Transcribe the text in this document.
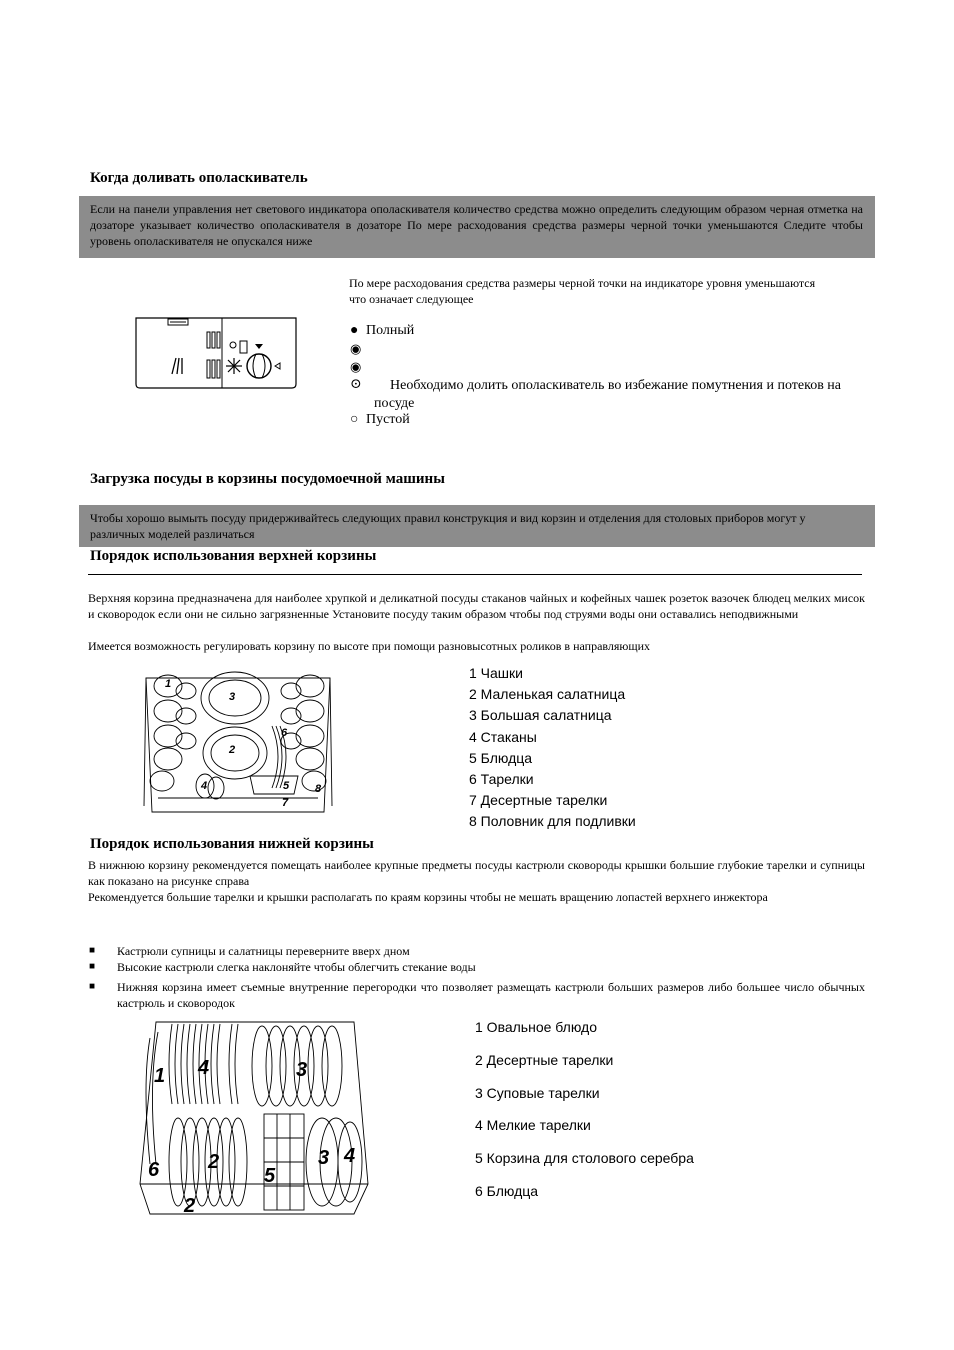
Когда доливать ополаскиватель
Если на панели управления нет светового индикатора ополаскивателя количество средства можно определить следующим образом черная отметка на дозаторе указывает количество ополаскивателя в дозаторе По мере расходования средства размеры черной точки уменьшаются Следите чтобы уровень ополаскивателя не опускался ниже
По мере расходования средства размеры черной точки на индикаторе уровня уменьшаются что означает следующее
● Полный
◉
◉
⊙	Необходимо долить ополаскиватель во избежание помутнения и потеков на посуде
○ Пустой
Загрузка посуды в корзины посудомоечной машины
Чтобы хорошо вымыть посуду придерживайтесь следующих правил конструкция и вид корзин и отделения для столовых приборов могут у различных моделей различаться
Порядок использования верхней корзины
Верхняя корзина предназначена для наиболее хрупкой и деликатной посуды стаканов чайных и кофейных чашек розеток вазочек блюдец мелких мисок и сковородок если они не сильно загрязненные Установите посуду таким образом чтобы под струями воды они оставались неподвижными
Имеется возможность регулировать корзину по высоте при помощи разновысотных роликов в направляющих
1
2
3
4	5
6
7
8
1 Чашки
2 Маленькая салатница
3 Большая салатница
4 Стаканы
5 Блюдца
6 Тарелки
7 Десертные тарелки
8 Половник для подливки
Порядок использования нижней корзины
В нижнюю корзину рекомендуется помещать наиболее крупные предметы посуды кастрюли сковороды крышки большие глубокие тарелки и супницы как показано на рисунке справа
Рекомендуется большие тарелки и крышки располагать по краям корзины чтобы не мешать вращению лопастей верхнего инжектора
■ Кастрюли супницы и салатницы переверните вверх дном
■ Высокие кастрюли слегка наклоняйте чтобы облегчить стекание воды
■ Нижняя корзина имеет съемные внутренние перегородки что позволяет размещать кастрюли больших размеров либо большее число обычных кастрюль и сковородок
1
2
2
3
3
4
4
5
6
1 Овальное блюдо
2 Десертные тарелки
3 Суповые тарелки
4 Мелкие тарелки
5 Корзина для столового серебра
6 Блюдца
